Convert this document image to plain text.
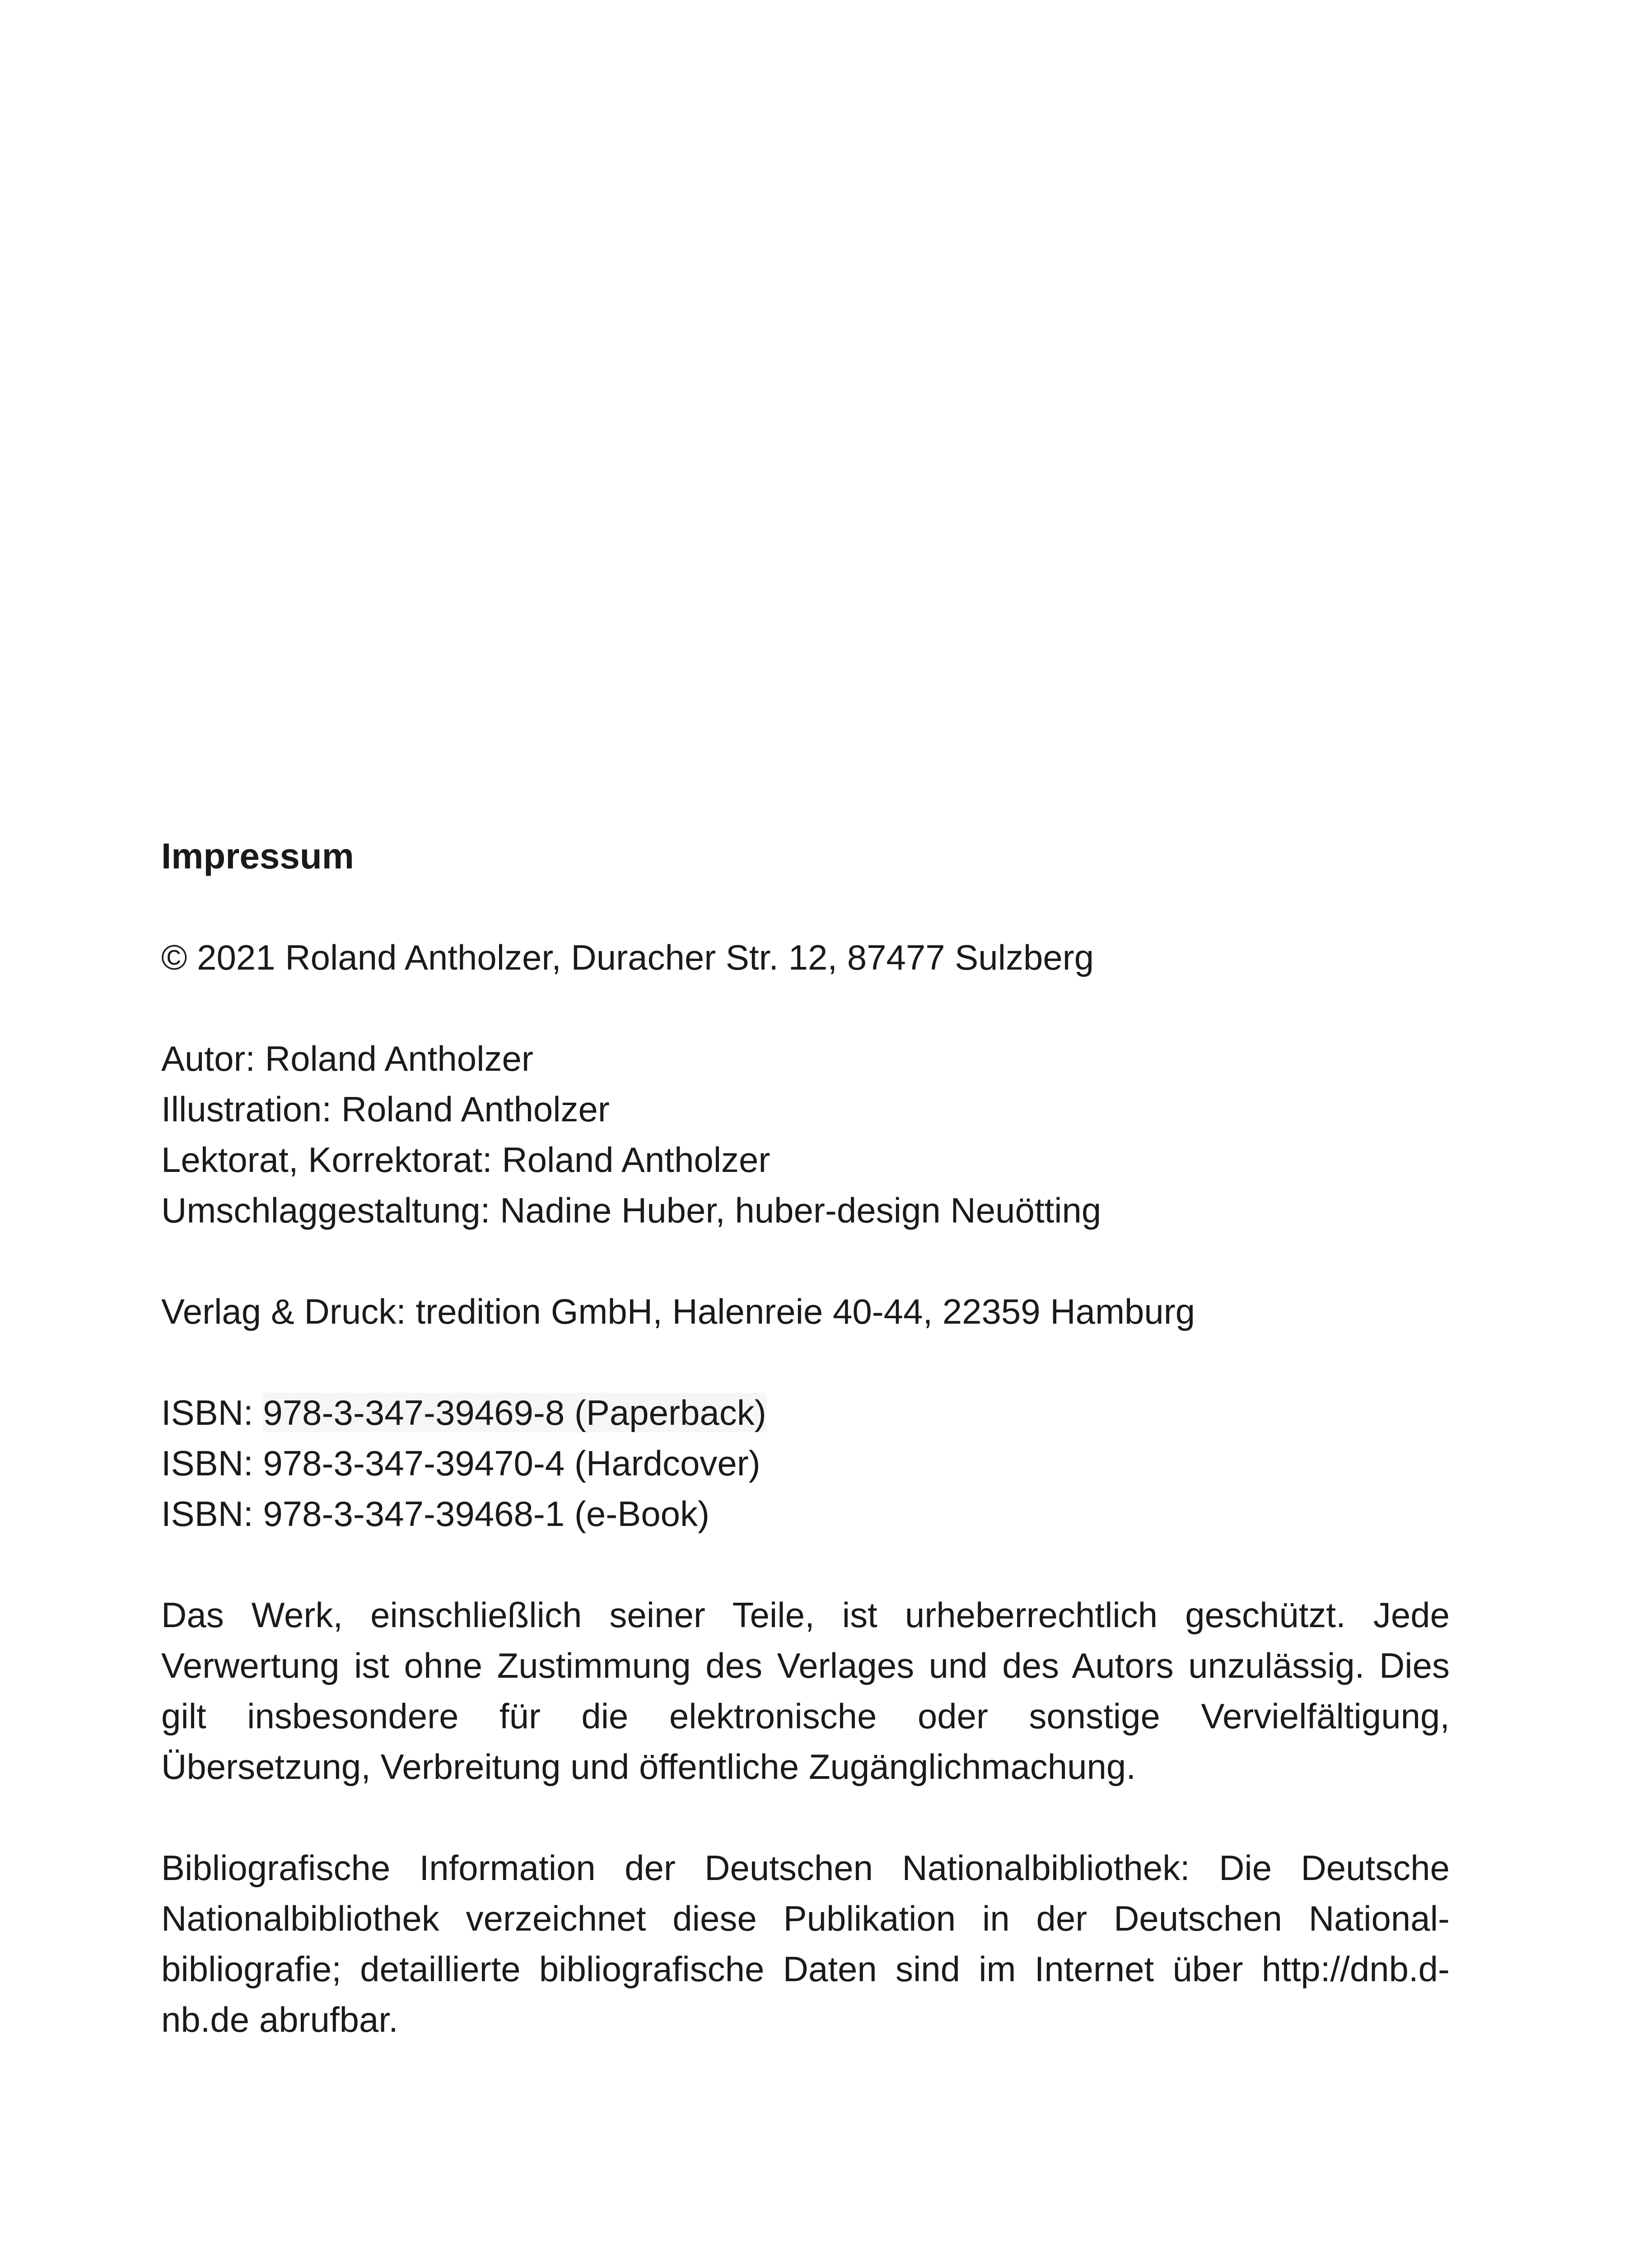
Impressum
© 2021 Roland Antholzer, Duracher Str. 12, 87477 Sulzberg
Autor: Roland Antholzer
Illustration: Roland Antholzer
Lektorat, Korrektorat: Roland Antholzer
Umschlaggestaltung: Nadine Huber, huber-design Neuötting
Verlag & Druck: tredition GmbH, Halenreie 40-44, 22359 Hamburg
ISBN: 978-3-347-39469-8 (Paperback)
ISBN: 978-3-347-39470-4 (Hardcover)
ISBN: 978-3-347-39468-1 (e-Book)

Das Werk, einschließlich seiner Teile, ist urheberrechtlich geschützt. Jede Verwertung ist ohne Zustimmung des Verlages und des Autors unzulässig. Dies gilt insbesondere für die elektronische oder sonstige Vervielfältigung, Übersetzung, Verbreitung und öffentliche Zugänglichmachung.

Bibliografische Information der Deutschen Nationalbibliothek: Die Deutsche Nationalbibliothek verzeichnet diese Publikation in der Deutschen National-bibliografie; detaillierte bibliografische Daten sind im Internet über http://dnb.d-nb.de abrufbar.
